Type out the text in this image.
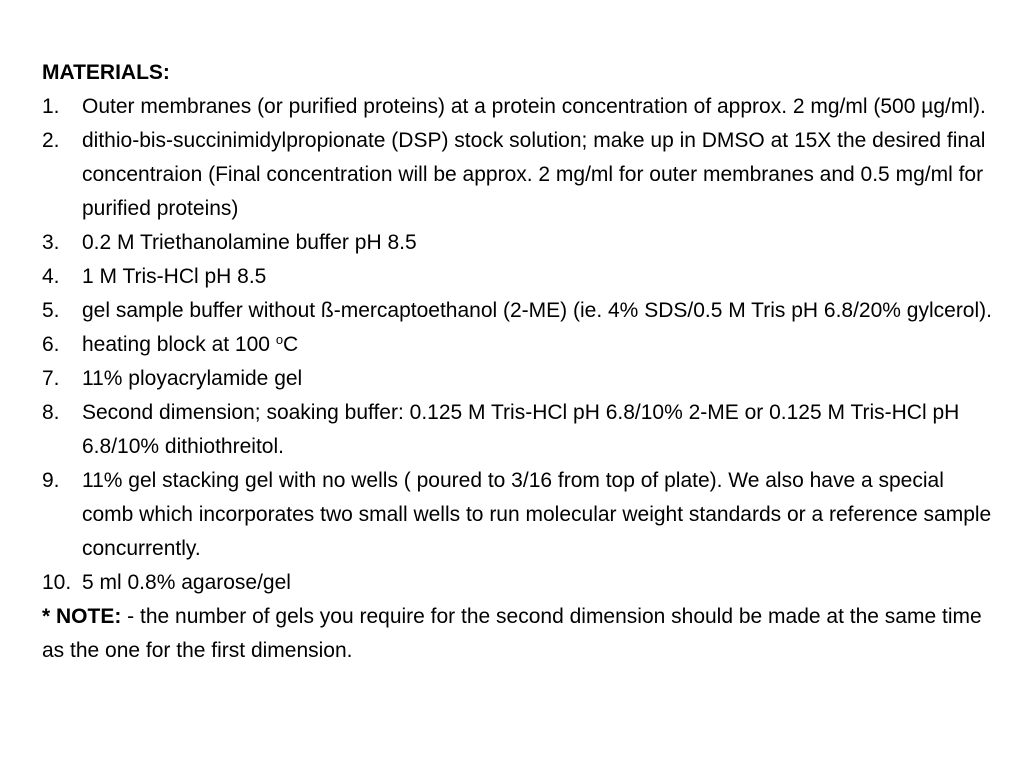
MATERIALS:

1. Outer membranes (or purified proteins) at a protein concentration of approx. 2 mg/ml (500 µg/ml).
2. dithio-bis-succinimidylpropionate (DSP) stock solution; make up in DMSO at 15X the desired final concentraion (Final concentration will be approx. 2 mg/ml for outer membranes and 0.5 mg/ml for purified proteins)
3. 0.2 M Triethanolamine buffer pH 8.5
4. 1 M Tris-HCl pH 8.5
5. gel sample buffer without ß-mercaptoethanol (2-ME) (ie. 4% SDS/0.5 M Tris pH 6.8/20% gylcerol).
6. heating block at 100 $^o$C
7. 11% ployacrylamide gel
8. Second dimension; soaking buffer: 0.125 M Tris-HCl pH 6.8/10% 2-ME or 0.125 M Tris-HCl pH 6.8/10% dithiothreitol.
9. 11% gel stacking gel with no wells ( poured to 3/16 from top of plate). We also have a special comb which incorporates two small wells to run molecular weight standards or a reference sample concurrently.
10. 5 ml 0.8% agarose/gel

* NOTE: - the number of gels you require for the second dimension should be made at the same time as the one for the first dimension.
